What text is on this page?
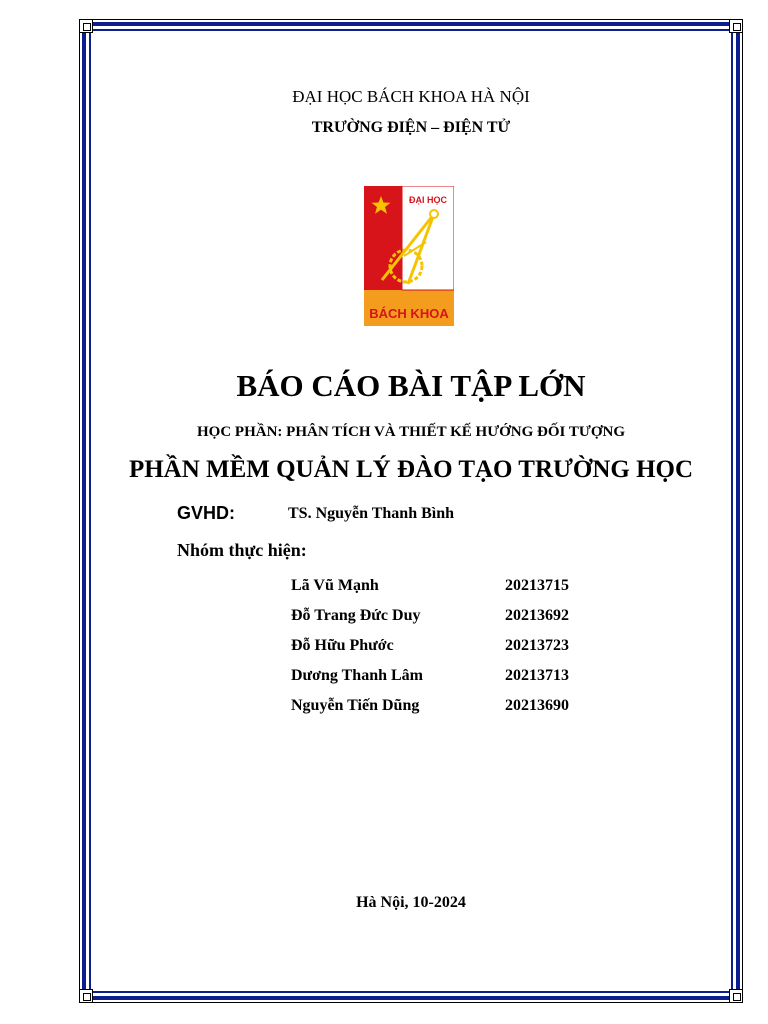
ĐẠI HỌC BÁCH KHOA HÀ NỘI
TRƯỜNG ĐIỆN – ĐIỆN TỬ
ĐẠI HỌC
BÁCH KHOA
BÁO CÁO BÀI TẬP LỚN
HỌC PHẦN: PHÂN TÍCH VÀ THIẾT KẾ HƯỚNG ĐỐI TƯỢNG
PHẦN MỀM QUẢN LÝ ĐÀO TẠO TRƯỜNG HỌC
GVHD:	TS. Nguyễn Thanh Bình
Nhóm thực hiện:
Lã Vũ Mạnh	20213715
Đỗ Trang Đức Duy	20213692
Đỗ Hữu Phước	20213723
Dương Thanh Lâm	20213713
Nguyễn Tiến Dũng	20213690
Hà Nội, 10-2024
